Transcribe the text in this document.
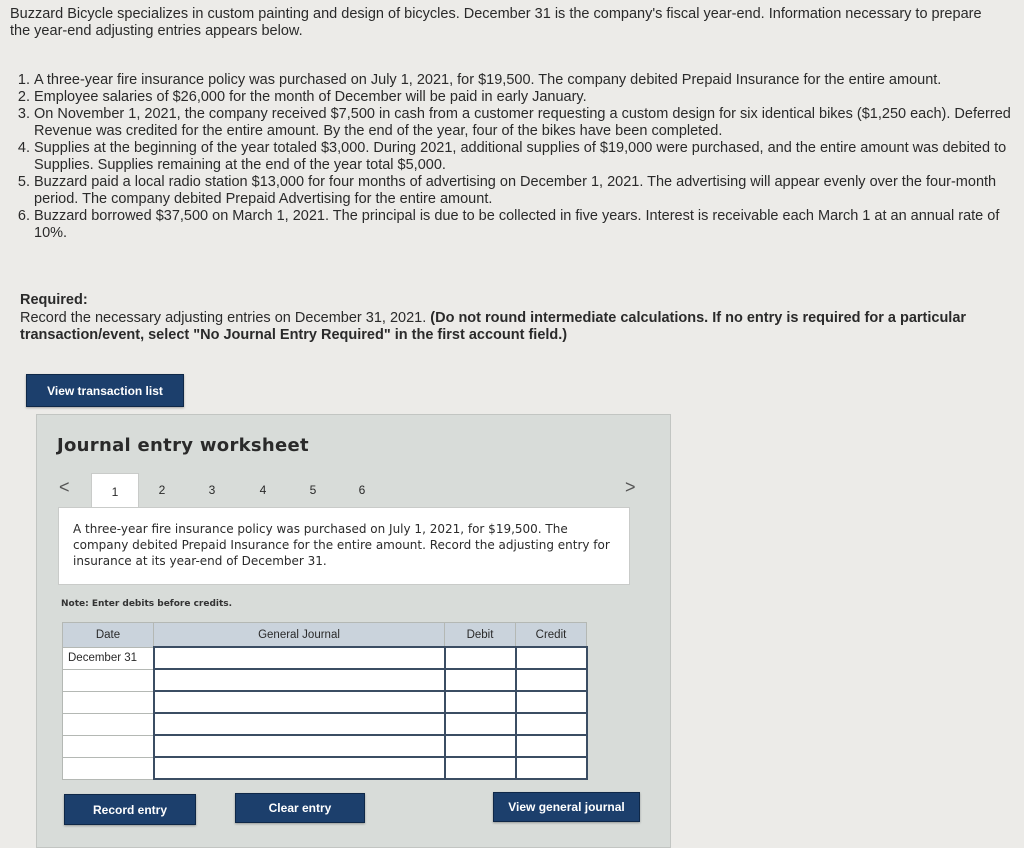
Buzzard Bicycle specializes in custom painting and design of bicycles. December 31 is the company's fiscal year-end. Information necessary to prepare the year-end adjusting entries appears below.
1. A three-year fire insurance policy was purchased on July 1, 2021, for $19,500. The company debited Prepaid Insurance for the entire amount.
2. Employee salaries of $26,000 for the month of December will be paid in early January.
3. On November 1, 2021, the company received $7,500 in cash from a customer requesting a custom design for six identical bikes ($1,250 each). Deferred Revenue was credited for the entire amount. By the end of the year, four of the bikes have been completed.
4. Supplies at the beginning of the year totaled $3,000. During 2021, additional supplies of $19,000 were purchased, and the entire amount was debited to Supplies. Supplies remaining at the end of the year total $5,000.
5. Buzzard paid a local radio station $13,000 for four months of advertising on December 1, 2021. The advertising will appear evenly over the four-month period. The company debited Prepaid Advertising for the entire amount.
6. Buzzard borrowed $37,500 on March 1, 2021. The principal is due to be collected in five years. Interest is receivable each March 1 at an annual rate of 10%.
Required:
Record the necessary adjusting entries on December 31, 2021. (Do not round intermediate calculations. If no entry is required for a particular transaction/event, select "No Journal Entry Required" in the first account field.)
View transaction list
Journal entry worksheet
<	1	2	3	4	5	6	>
A three-year fire insurance policy was purchased on July 1, 2021, for $19,500. The company debited Prepaid Insurance for the entire amount. Record the adjusting entry for insurance at its year-end of December 31.
Note: Enter debits before credits.
Date	General Journal	Debit	Credit
December 31			

Record entry	Clear entry	View general journal
